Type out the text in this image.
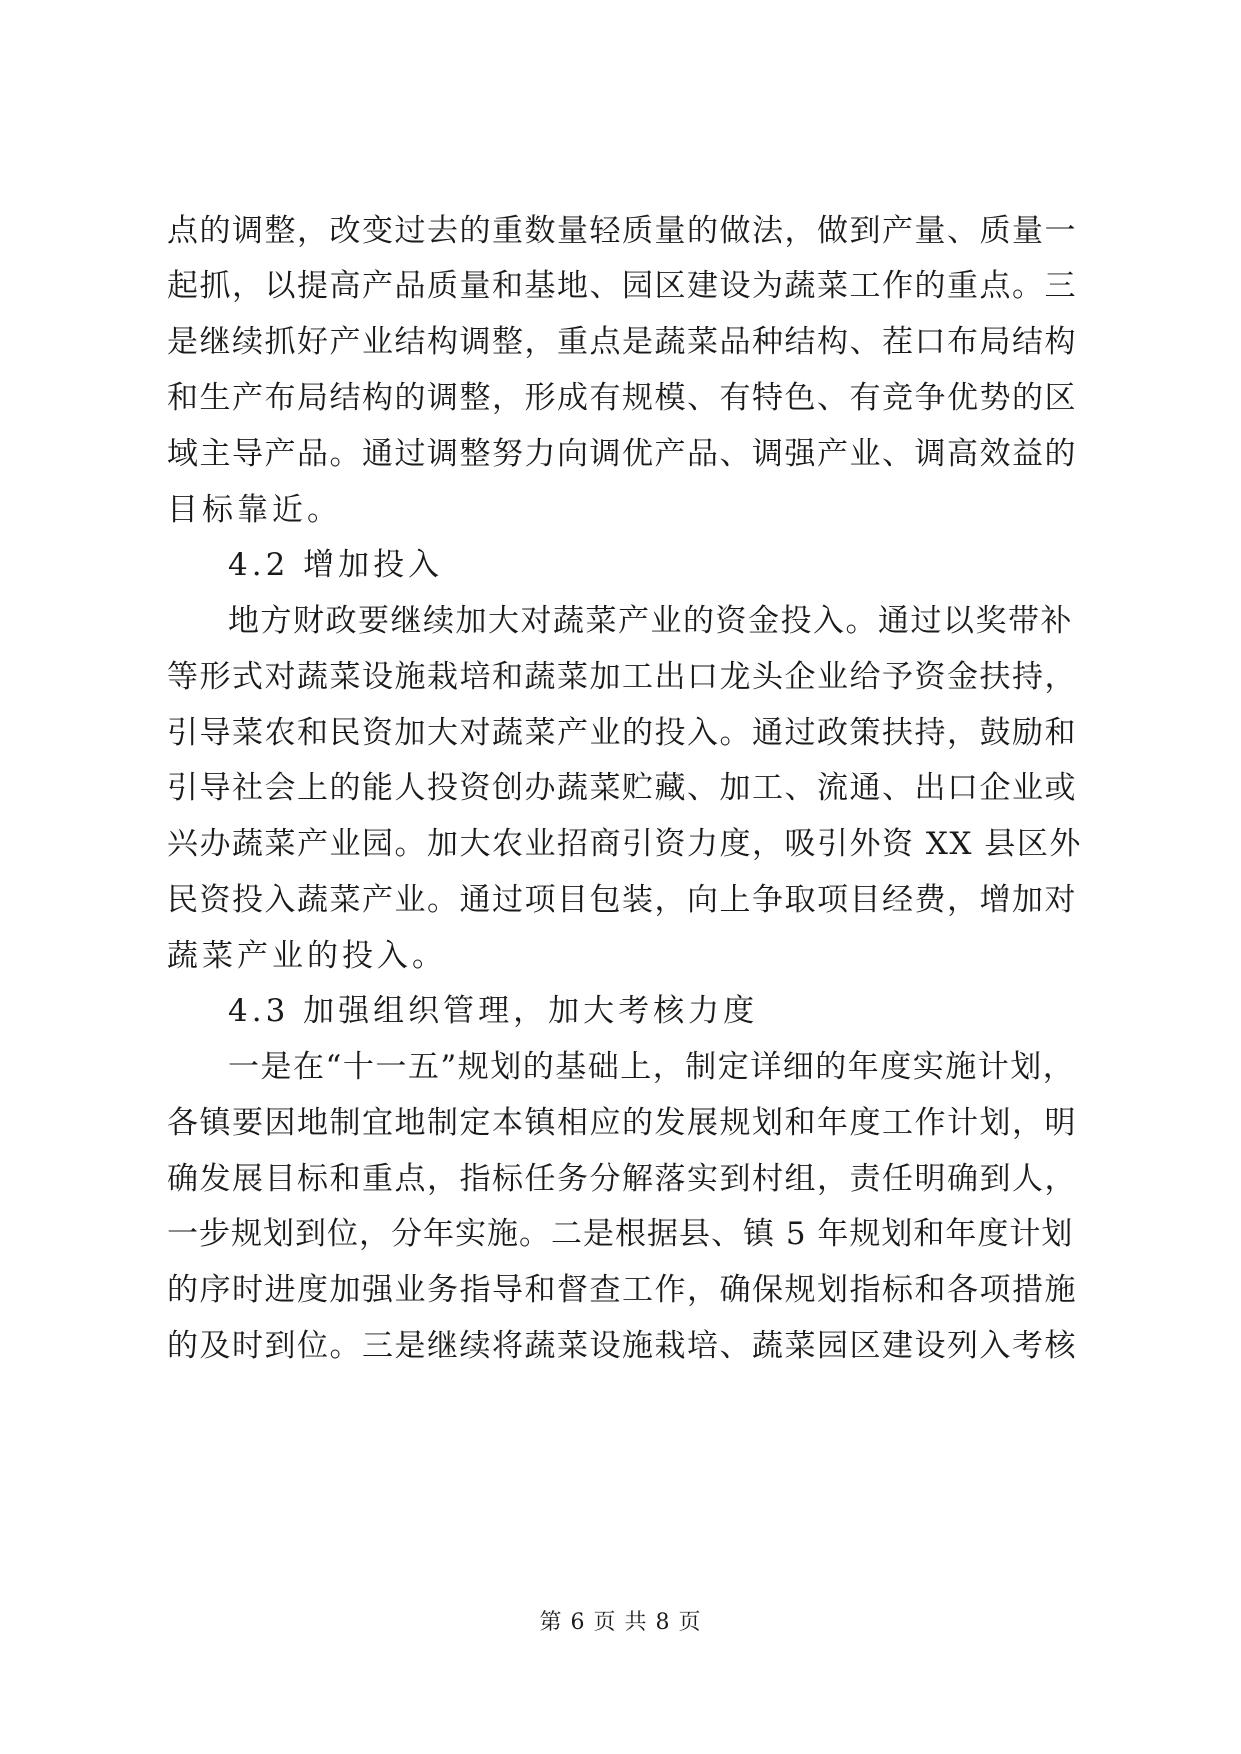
点的调整，改变过去的重数量轻质量的做法，做到产量、质量一
起抓，以提高产品质量和基地、园区建设为蔬菜工作的重点。三
是继续抓好产业结构调整，重点是蔬菜品种结构、茬口布局结构
和生产布局结构的调整，形成有规模、有特色、有竞争优势的区
域主导产品。通过调整努力向调优产品、调强产业、调高效益的
目标靠近。
4.2 增加投入
地方财政要继续加大对蔬菜产业的资金投入。通过以奖带补
等形式对蔬菜设施栽培和蔬菜加工出口龙头企业给予资金扶持，
引导菜农和民资加大对蔬菜产业的投入。通过政策扶持，鼓励和
引导社会上的能人投资创办蔬菜贮藏、加工、流通、出口企业或
兴办蔬菜产业园。加大农业招商引资力度，吸引外资 XX 县区外
民资投入蔬菜产业。通过项目包装，向上争取项目经费，增加对
蔬菜产业的投入。
4.3 加强组织管理，加大考核力度
一是在“十一五”规划的基础上，制定详细的年度实施计划，
各镇要因地制宜地制定本镇相应的发展规划和年度工作计划，明
确发展目标和重点，指标任务分解落实到村组，责任明确到人，
一步规划到位，分年实施。二是根据县、镇 5 年规划和年度计划
的序时进度加强业务指导和督查工作，确保规划指标和各项措施
的及时到位。三是继续将蔬菜设施栽培、蔬菜园区建设列入考核
第 6 页 共 8 页
